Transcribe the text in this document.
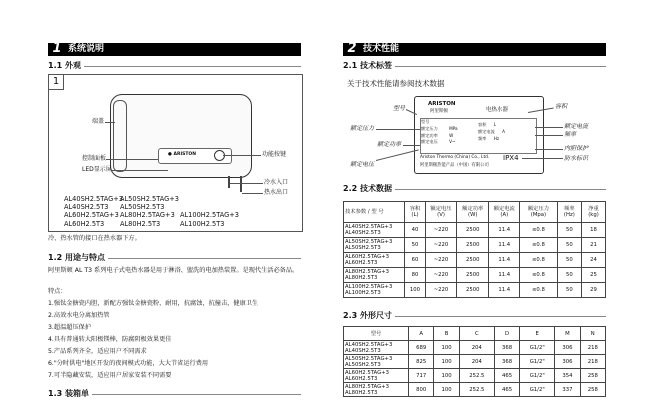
1 系统说明
1.1 外观
1
● ARISTON
端盖
控制面板
LED显示屏
功能按键
冷水入口
热水出口
AL40SH2.5TAG+3
AL50SH2.5TAG+3
AL40SH2.5T3	AL50SH2.5T3
AL60H2.5TAG+3 AL80H2.5TAG+3 AL100H2.5TAG+3
AL60H2.5T3	AL80H2.5T3	AL100H2.5T3
冷、热水管的接口在热水器下方。
1.2 用途与特点
阿里斯顿 AL T3 系列电子式电热水器是用于淋浴、盥洗的电加热装置。是现代生活必备品。
特点：
1.强钛金搪瓷内胆，新配方强钛金搪瓷粉，耐用，抗腐蚀，抗撞击，健康卫生
2.高效水电分离加热管
3.超温超压保护
4.具有普通转大阳极镁棒，防腐阴极效果更佳
5.产品系列齐全，适应用户不同需求
6."分时供电"地区开发的夜间模式功能，大大节省运行费用
7.可半隐藏安装，适应用户居家安装不同需要
1.3 装箱单
2 技术性能
2.1 技术标签
关于技术性能请参阅技术数据
ARISTON
阿里斯顿	电热水器
型号
额定压力	MPa
额定功率	W
额定电压	V~
容积 L
额定电流 A
频率 Hz
Ariston Thermo (China) Co., Ltd.
阿里斯顿热能产品（中国）有限公司
IPX4
型号
额定压力
额定功率
额定电压
容积
额定电流
频率
内胆保护
防水标识
2.2 技术数据
技术参数 / 型 号	容积 (L)	额定电压 (V)	额定功率 (W)	额定电流 (A)	额定压力 (Mpa)	频率 (Hz)	净重 (kg)

AL40SH2.5TAG+3
AL40SH2.5T3	40	~220	2500	11.4	≤0.8	50	18

AL50SH2.5TAG+3
AL50SH2.5T3	50	~220	2500	11.4	≤0.8	50	21

AL60H2.5TAG+3
AL60H2.5T3	60	~220	2500	11.4	≤0.8	50	24

AL80H2.5TAG+3
AL80H2.5T3	80	~220	2500	11.4	≤0.8	50	25

AL100H2.5TAG+3
AL100H2.5T3	100	~220	2500	11.4	≤0.8	50	29
2.3 外形尺寸
型号	A	B	C	D	E	M	N

AL40SH2.5TAG+3
AL40SH2.5T3	689	100	204	368	G1/2"	306	218

AL50SH2.5TAG+3
AL50SH2.5T3	825	100	204	368	G1/2"	306	218

AL60H2.5TAG+3
AL60H2.5T3	717	100	252.5	465	G1/2"	354	258

AL80H2.5TAG+3
AL80H2.5T3	800	100	252.5	465	G1/2"	337	258
